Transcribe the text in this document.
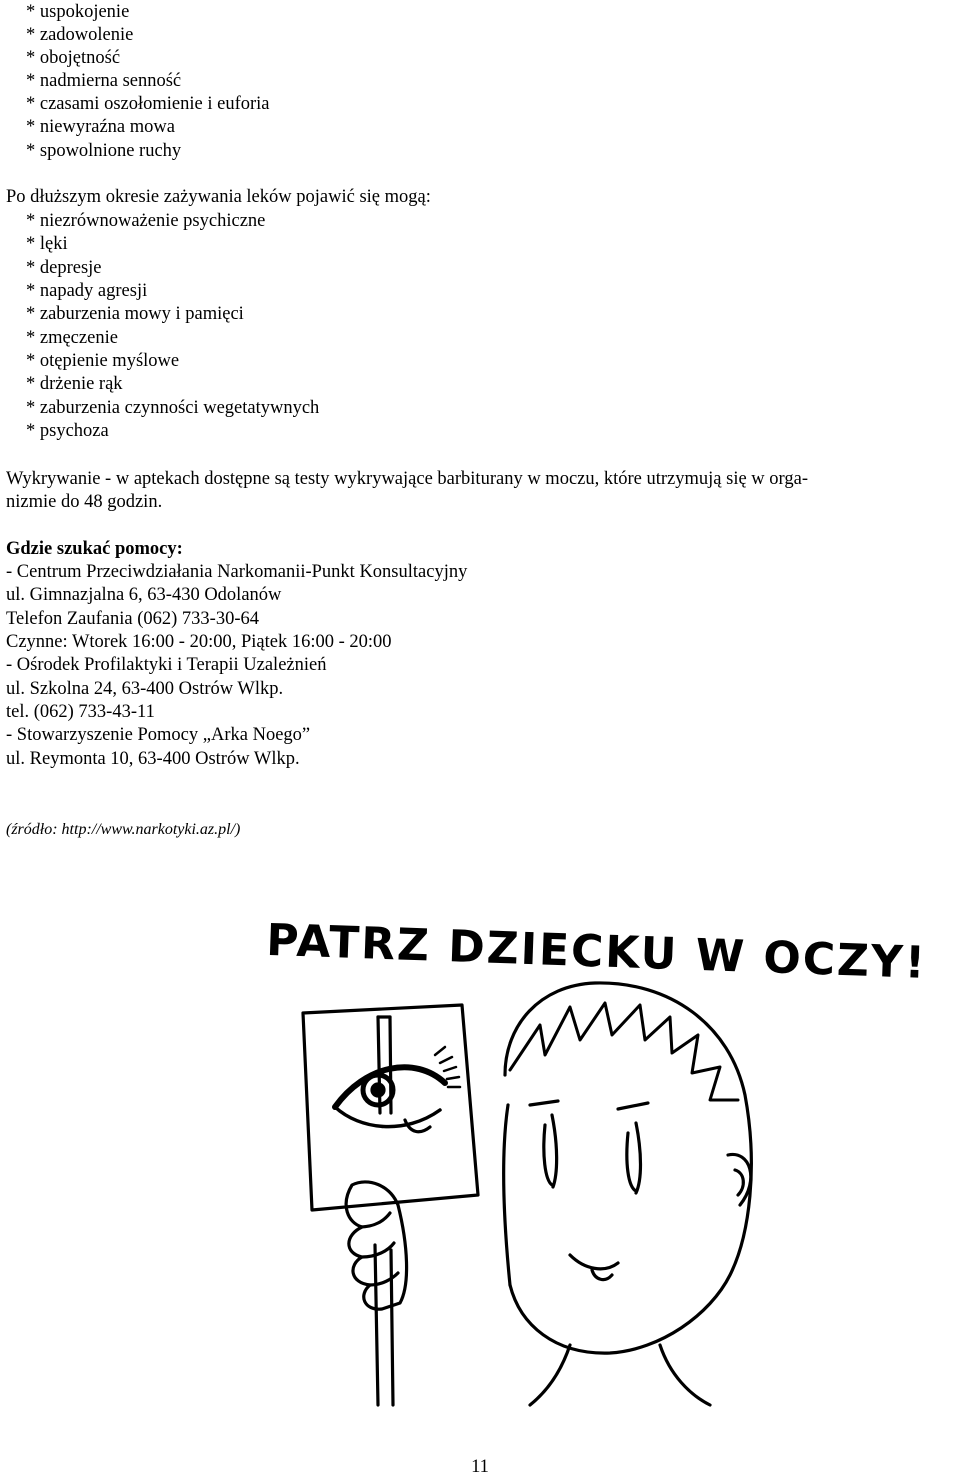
* uspokojenie
* zadowolenie
* obojętność
* nadmierna senność
* czasami oszołomienie i euforia
* niewyraźna mowa
* spowolnione ruchy
Po dłuższym okresie zażywania leków pojawić się mogą:
* niezrównoważenie psychiczne
* lęki
* depresje
* napady agresji
* zaburzenia mowy i pamięci
* zmęczenie
* otępienie myślowe
* drżenie rąk
* zaburzenia czynności wegetatywnych
* psychoza
Wykrywanie - w aptekach dostępne są testy wykrywające barbiturany w moczu, które utrzymują się w orga-
nizmie do 48 godzin.
Gdzie szukać pomocy:
- Centrum Przeciwdziałania Narkomanii-Punkt Konsultacyjny
ul. Gimnazjalna 6, 63-430 Odolanów
Telefon Zaufania (062) 733-30-64
Czynne: Wtorek 16:00 - 20:00, Piątek 16:00 - 20:00
- Ośrodek Profilaktyki i Terapii Uzależnień
ul. Szkolna 24, 63-400 Ostrów Wlkp.
tel. (062) 733-43-11
- Stowarzyszenie Pomocy „Arka Noego”
ul. Reymonta 10, 63-400 Ostrów Wlkp.
(źródło: http://www.narkotyki.az.pl/)
PATRZ DZIECKU W OCZY!
11
